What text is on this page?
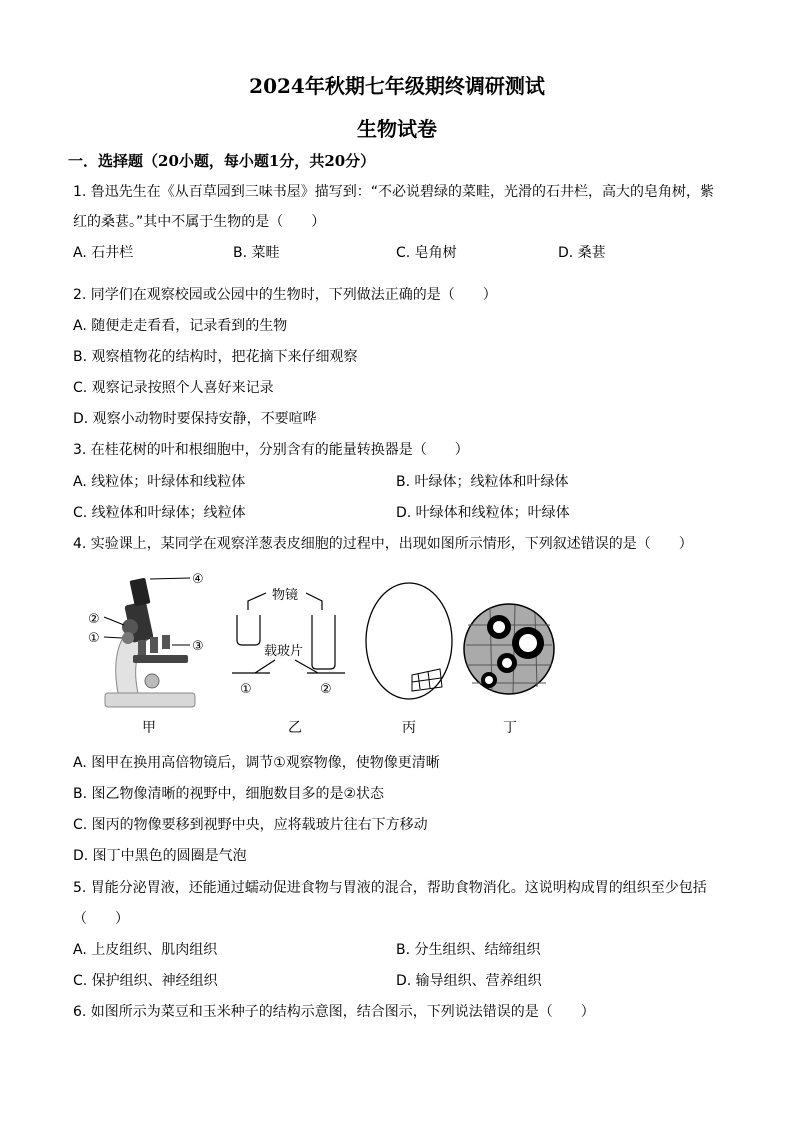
2024年秋期七年级期终调研测试
生物试卷
一．选择题（20小题，每小题1分，共20分）
1. 鲁迅先生在《从百草园到三味书屋》描写到：“不必说碧绿的菜畦，光滑的石井栏，高大的皂角树，紫
红的桑葚。”其中不属于生物的是（　　）
A. 石井栏	B. 菜畦	C. 皂角树	D. 桑葚
2. 同学们在观察校园或公园中的生物时，下列做法正确的是（　　）
A. 随便走走看看，记录看到的生物
B. 观察植物花的结构时，把花摘下来仔细观察
C. 观察记录按照个人喜好来记录
D. 观察小动物时要保持安静，不要喧哗
3. 在桂花树的叶和根细胞中，分别含有的能量转换器是（　　）
A. 线粒体；叶绿体和线粒体	B. 叶绿体；线粒体和叶绿体
C. 线粒体和叶绿体；线粒体	D. 叶绿体和线粒体；叶绿体
4. 实验课上，某同学在观察洋葱表皮细胞的过程中，出现如图所示情形，下列叙述错误的是（　　）
④
②
①
③
物镜
载玻片
①	②
甲	乙	丙	丁
A. 图甲在换用高倍物镜后，调节①观察物像，使物像更清晰
B. 图乙物像清晰的视野中，细胞数目多的是②状态
C. 图丙的物像要移到视野中央，应将载玻片往右下方移动
D. 图丁中黑色的圆圈是气泡
5. 胃能分泌胃液，还能通过蠕动促进食物与胃液的混合，帮助食物消化。这说明构成胃的组织至少包括
（　　）
A. 上皮组织、肌肉组织	B. 分生组织、结缔组织
C. 保护组织、神经组织	D. 输导组织、营养组织
6. 如图所示为菜豆和玉米种子的结构示意图，结合图示，下列说法错误的是（　　）
